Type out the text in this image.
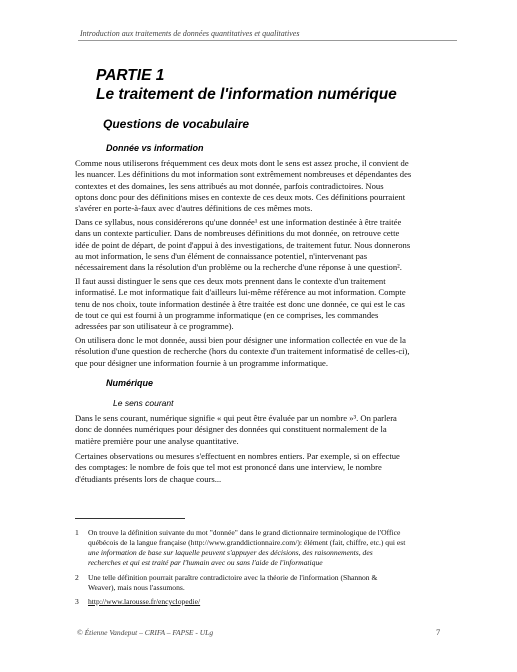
Introduction aux traitements de données quantitatives et qualitatives
PARTIE 1
Le traitement de l'information numérique
Questions de vocabulaire
Donnée vs information
Comme nous utiliserons fréquemment ces deux mots dont le sens est assez proche, il convient de
les nuancer. Les définitions du mot information sont extrêmement nombreuses et dépendantes des
contextes et des domaines, les sens attribués au mot donnée, parfois contradictoires. Nous
optons donc pour des définitions mises en contexte de ces deux mots. Ces définitions pourraient
s'avérer en porte-à-faux avec d'autres définitions de ces mêmes mots.
Dans ce syllabus, nous considérerons qu'une donnée¹ est une information destinée à être traitée
dans un contexte particulier. Dans de nombreuses définitions du mot donnée, on retrouve cette
idée de point de départ, de point d'appui à des investigations, de traitement futur. Nous donnerons
au mot information, le sens d'un élément de connaissance potentiel, n'intervenant pas
nécessairement dans la résolution d'un problème ou la recherche d'une réponse à une question².
Il faut aussi distinguer le sens que ces deux mots prennent dans le contexte d'un traitement
informatisé. Le mot informatique fait d'ailleurs lui-même référence au mot information. Compte
tenu de nos choix, toute information destinée à être traitée est donc une donnée, ce qui est le cas
de tout ce qui est fourni à un programme informatique (en ce comprises, les commandes
adressées par son utilisateur à ce programme).
On utilisera donc le mot donnée, aussi bien pour désigner une information collectée en vue de la
résolution d'une question de recherche (hors du contexte d'un traitement informatisé de celles-ci),
que pour désigner une information fournie à un programme informatique.
Numérique
Le sens courant
Dans le sens courant, numérique signifie « qui peut être évaluée par un nombre »³. On parlera
donc de données numériques pour désigner des données qui constituent normalement de la
matière première pour une analyse quantitative.
Certaines observations ou mesures s'effectuent en nombres entiers. Par exemple, si on effectue
des comptages: le nombre de fois que tel mot est prononcé dans une interview, le nombre
d'étudiants présents lors de chaque cours...
1 On trouve la définition suivante du mot "donnée" dans le grand dictionnaire terminologique de l'Office
québécois de la langue française (http://www.granddictionnaire.com/): élément (fait, chiffre, etc.) qui est
une information de base sur laquelle peuvent s'appuyer des décisions, des raisonnements, des
recherches et qui est traité par l'humain avec ou sans l'aide de l'informatique
2 Une telle définition pourrait paraître contradictoire avec la théorie de l'information (Shannon &
Weaver), mais nous l'assumons.
3 http://www.larousse.fr/encyclopedie/
© Étienne Vandeput – CRIFA – FAPSE - ULg	7
